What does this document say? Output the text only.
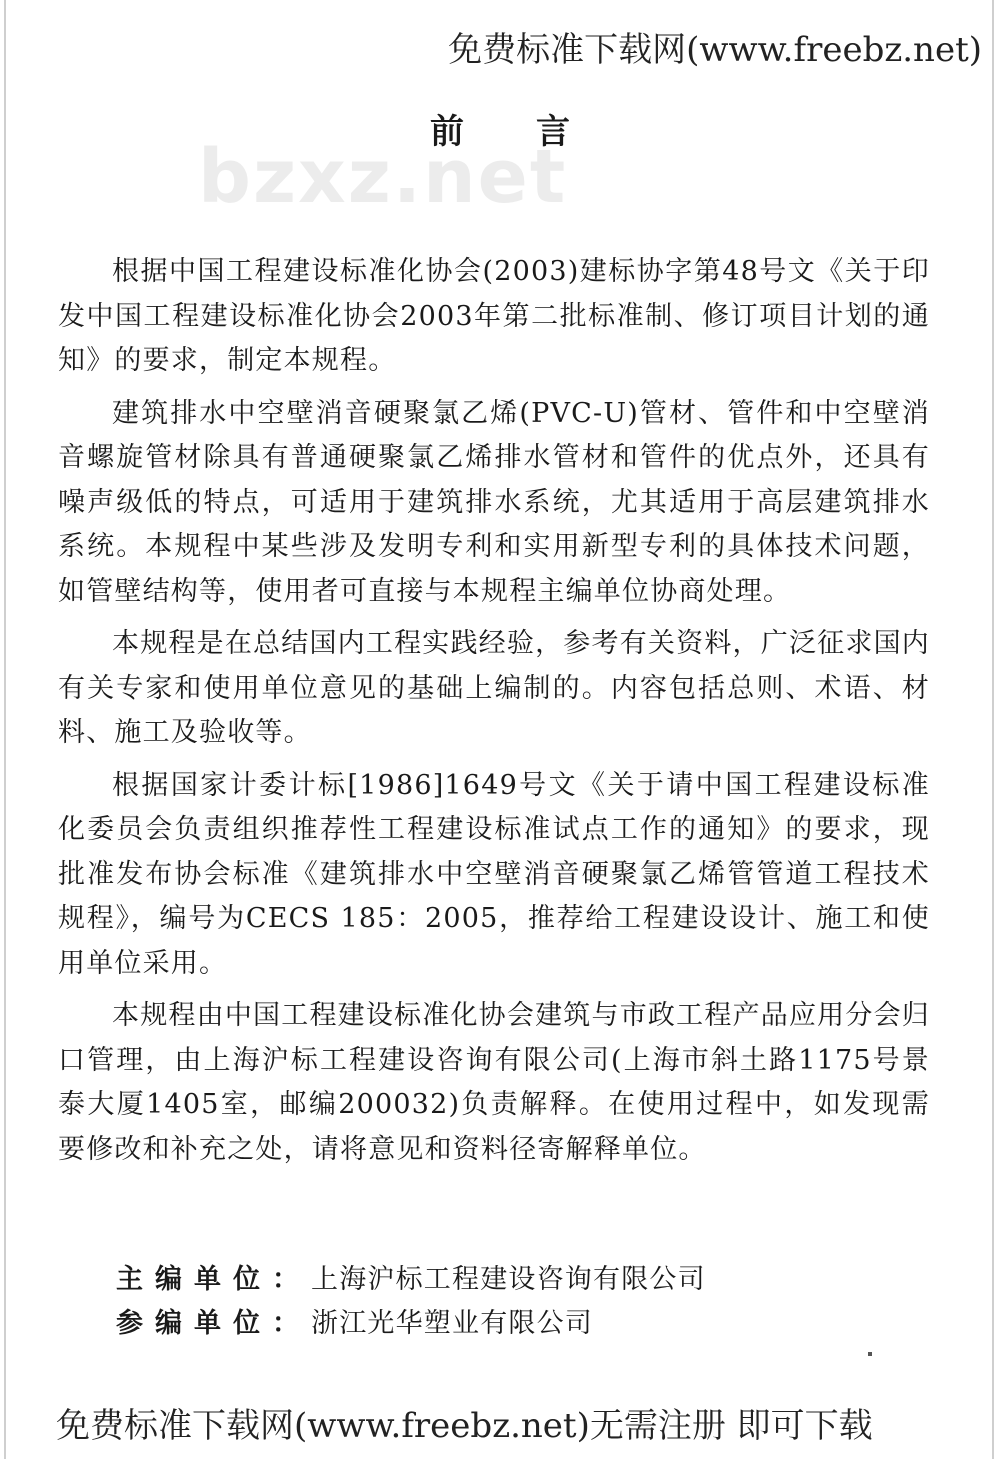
免费标准下载网(www.freebz.net)
bzxz.net
前言

根据中国工程建设标准化协会(2003)建标协字第48号文《关于印发中国工程建设标准化协会2003年第二批标准制、修订项目计划的通知》的要求，制定本规程。

建筑排水中空壁消音硬聚氯乙烯(PVC-U)管材、管件和中空壁消音螺旋管材除具有普通硬聚氯乙烯排水管材和管件的优点外，还具有噪声级低的特点，可适用于建筑排水系统，尤其适用于高层建筑排水系统。本规程中某些涉及发明专利和实用新型专利的具体技术问题，如管壁结构等，使用者可直接与本规程主编单位协商处理。

本规程是在总结国内工程实践经验，参考有关资料，广泛征求国内有关专家和使用单位意见的基础上编制的。内容包括总则、术语、材料、施工及验收等。

根据国家计委计标[1986]1649号文《关于请中国工程建设标准化委员会负责组织推荐性工程建设标准试点工作的通知》的要求，现批准发布协会标准《建筑排水中空壁消音硬聚氯乙烯管管道工程技术规程》，编号为CECS 185：2005，推荐给工程建设设计、施工和使用单位采用。

本规程由中国工程建设标准化协会建筑与市政工程产品应用分会归口管理，由上海沪标工程建设咨询有限公司(上海市斜土路1175号景泰大厦1405室，邮编200032)负责解释。在使用过程中，如发现需要修改和补充之处，请将意见和资料径寄解释单位。

主编单位：上海沪标工程建设咨询有限公司
参编单位：浙江光华塑业有限公司
免费标准下载网(www.freebz.net)无需注册 即可下载
